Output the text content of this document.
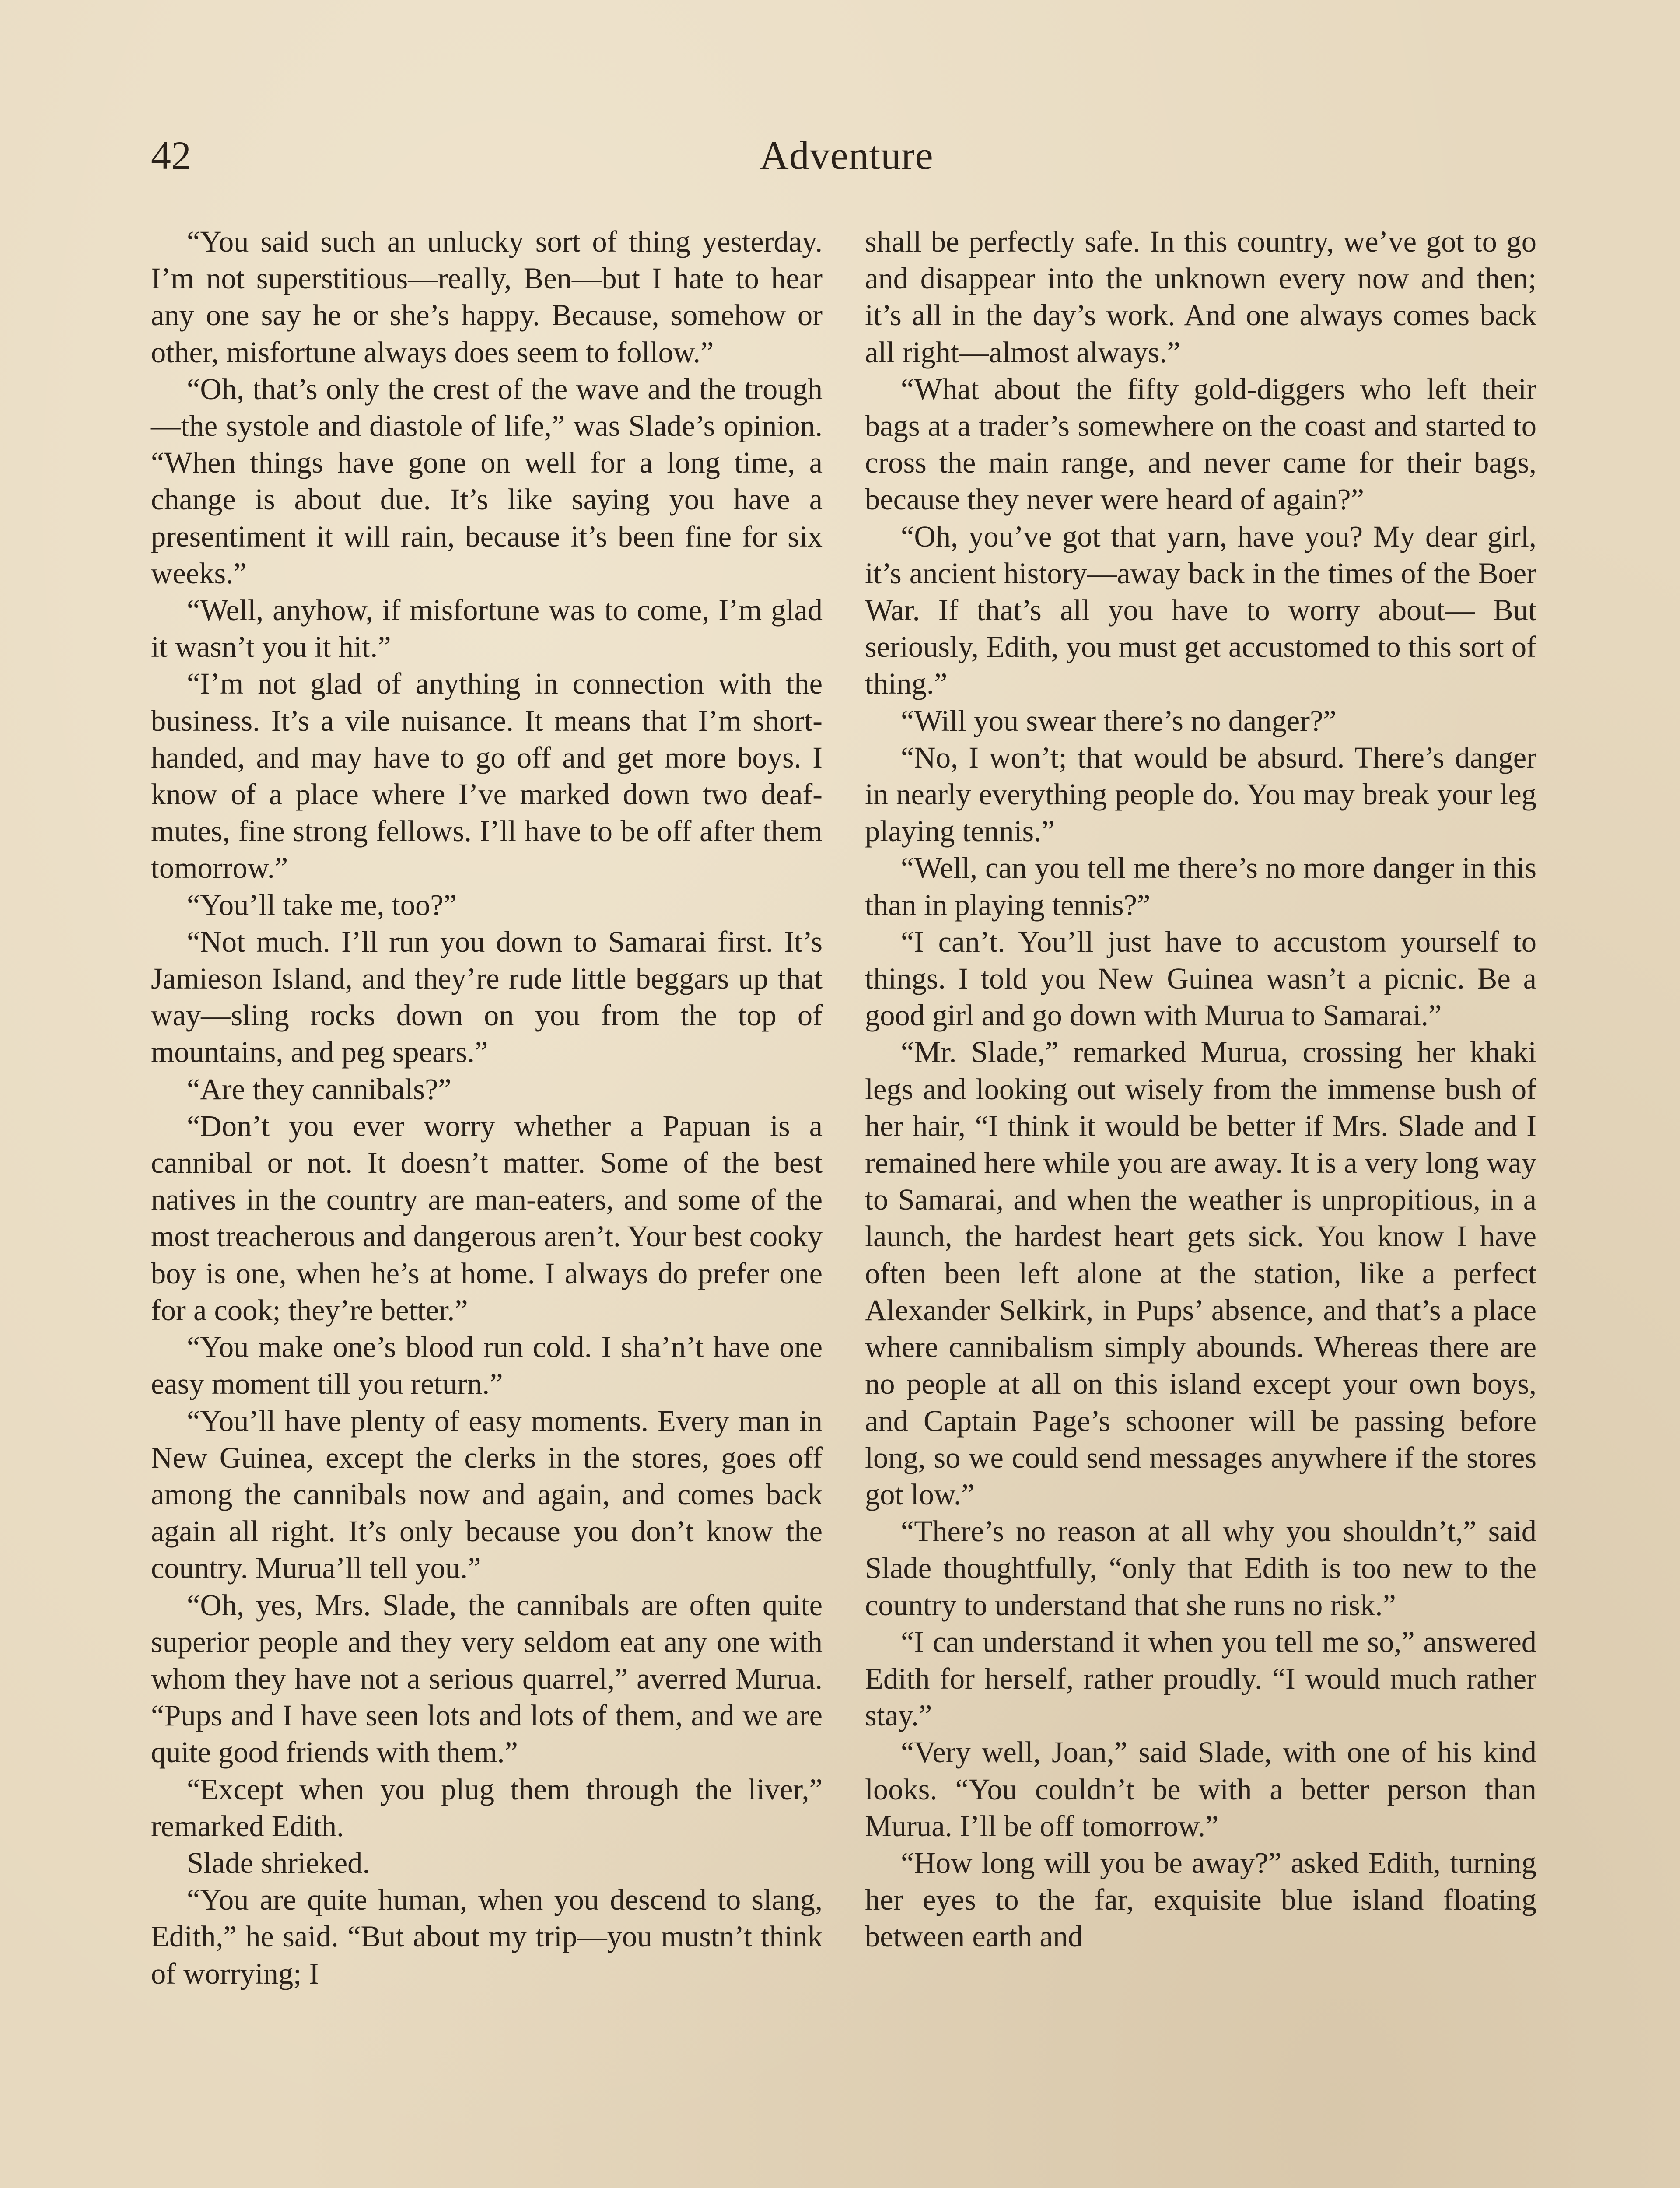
42	Adventure

“You said such an unlucky sort of thing yesterday. I’m not superstitious—really, Ben—but I hate to hear any one say he or she’s happy. Because, somehow or other, misfortune always does seem to follow.”

“Oh, that’s only the crest of the wave and the trough—the systole and diastole of life,” was Slade’s opinion. “When things have gone on well for a long time, a change is about due. It’s like saying you have a presentiment it will rain, because it’s been fine for six weeks.”

“Well, anyhow, if misfortune was to come, I’m glad it wasn’t you it hit.”

“I’m not glad of anything in connection with the business. It’s a vile nuisance. It means that I’m short-handed, and may have to go off and get more boys. I know of a place where I’ve marked down two deaf-mutes, fine strong fellows. I’ll have to be off after them tomorrow.”

“You’ll take me, too?”

“Not much. I’ll run you down to Samarai first. It’s Jamieson Island, and they’re rude little beggars up that way—sling rocks down on you from the top of mountains, and peg spears.”

“Are they cannibals?”

“Don’t you ever worry whether a Papuan is a cannibal or not. It doesn’t matter. Some of the best natives in the country are man-eaters, and some of the most treacherous and dangerous aren’t. Your best cooky boy is one, when he’s at home. I always do prefer one for a cook; they’re better.”

“You make one’s blood run cold. I sha’n’t have one easy moment till you return.”

“You’ll have plenty of easy moments. Every man in New Guinea, except the clerks in the stores, goes off among the cannibals now and again, and comes back again all right. It’s only because you don’t know the country. Murua’ll tell you.”

“Oh, yes, Mrs. Slade, the cannibals are often quite superior people and they very seldom eat any one with whom they have not a serious quarrel,” averred Murua. “Pups and I have seen lots and lots of them, and we are quite good friends with them.”

“Except when you plug them through the liver,” remarked Edith.

Slade shrieked.

“You are quite human, when you descend to slang, Edith,” he said. “But about my trip—you mustn’t think of worrying; I

shall be perfectly safe. In this country, we’ve got to go and disappear into the unknown every now and then; it’s all in the day’s work. And one always comes back all right—almost always.”

“What about the fifty gold-diggers who left their bags at a trader’s somewhere on the coast and started to cross the main range, and never came for their bags, because they never were heard of again?”

“Oh, you’ve got that yarn, have you? My dear girl, it’s ancient history—away back in the times of the Boer War. If that’s all you have to worry about— But seriously, Edith, you must get accustomed to this sort of thing.”

“Will you swear there’s no danger?”

“No, I won’t; that would be absurd. There’s danger in nearly everything people do. You may break your leg playing tennis.”

“Well, can you tell me there’s no more danger in this than in playing tennis?”

“I can’t. You’ll just have to accustom yourself to things. I told you New Guinea wasn’t a picnic. Be a good girl and go down with Murua to Samarai.”

“Mr. Slade,” remarked Murua, crossing her khaki legs and looking out wisely from the immense bush of her hair, “I think it would be better if Mrs. Slade and I remained here while you are away. It is a very long way to Samarai, and when the weather is unpropitious, in a launch, the hardest heart gets sick. You know I have often been left alone at the station, like a perfect Alexander Selkirk, in Pups’ absence, and that’s a place where cannibalism simply abounds. Whereas there are no people at all on this island except your own boys, and Captain Page’s schooner will be passing before long, so we could send messages anywhere if the stores got low.”

“There’s no reason at all why you shouldn’t,” said Slade thoughtfully, “only that Edith is too new to the country to understand that she runs no risk.”

“I can understand it when you tell me so,” answered Edith for herself, rather proudly. “I would much rather stay.”

“Very well, Joan,” said Slade, with one of his kind looks. “You couldn’t be with a better person than Murua. I’ll be off tomorrow.”

“How long will you be away?” asked Edith, turning her eyes to the far, exquisite blue island floating between earth and
